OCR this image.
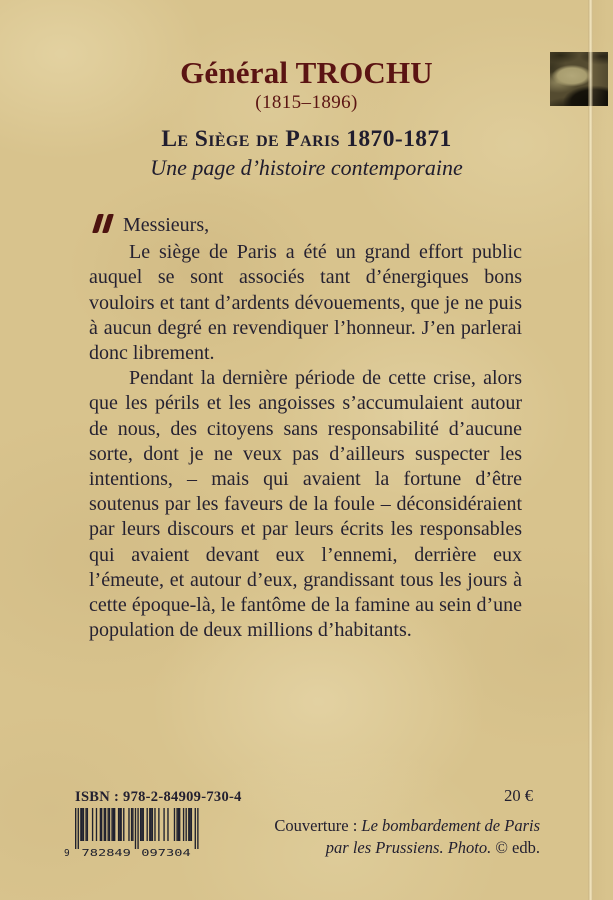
Général TROCHU
(1815–1896)
Le Siège de Paris 1870-1871
Une page d’histoire contemporaine

Messieurs,

Le siège de Paris a été un grand effort public auquel se sont associés tant d’énergiques bons vouloirs et tant d’ardents dévouements, que je ne puis à aucun degré en revendiquer l’honneur. J’en parlerai donc librement.

Pendant la dernière période de cette crise, alors que les périls et les angoisses s’accumulaient autour de nous, des citoyens sans responsabilité d’aucune sorte, dont je ne veux pas d’ailleurs suspecter les intentions, – mais qui avaient la fortune d’être soutenus par les faveurs de la foule – déconsidéraient par leurs discours et par leurs écrits les responsables qui avaient devant eux l’ennemi, derrière eux l’émeute, et autour d’eux, grandissant tous les jours à cette époque-là, le fantôme de la famine au sein d’une population de deux millions d’habitants.

ISBN : 978-2-84909-730-4
9 782849 097304
20 €
Couverture : Le bombardement de Paris
par les Prussiens. Photo. © edb.
